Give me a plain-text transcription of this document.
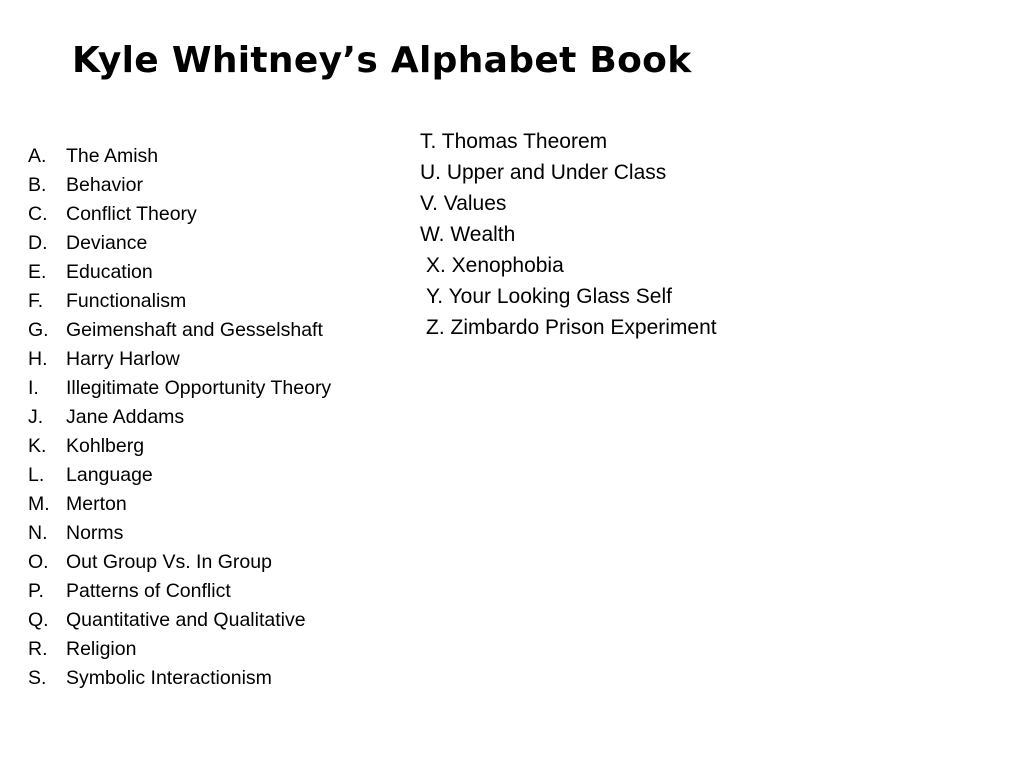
Kyle Whitney’s Alphabet Book
A.	The Amish
B.	Behavior
C. Conflict Theory
D. Deviance
E.	Education
F.	Functionalism
G. Geimenshaft and Gesselshaft
H. Harry Harlow
I.	Illegitimate Opportunity Theory
J.	Jane Addams
K.	Kohlberg
L.	Language
M. Merton
N. Norms
O. Out Group Vs. In Group
P.	Patterns of Conflict
Q. Quantitative and Qualitative
R. Religion
S.	Symbolic Interactionism
T. Thomas Theorem
U. Upper and Under Class
V. Values
W. Wealth
X. Xenophobia
Y. Your Looking Glass Self
Z. Zimbardo Prison Experiment
